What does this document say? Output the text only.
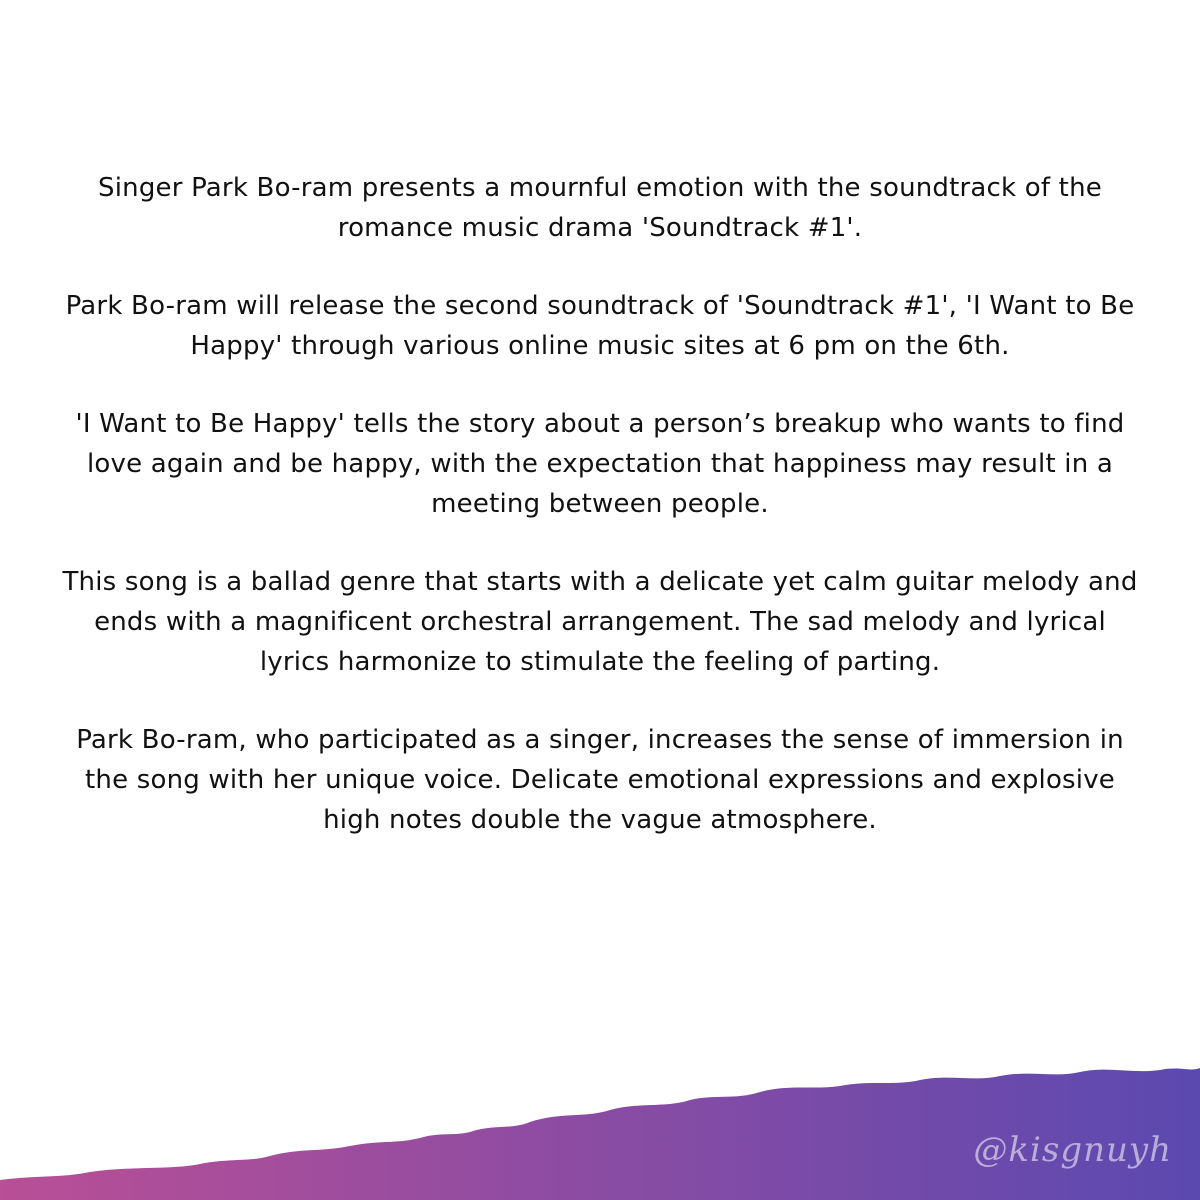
Singer Park Bo-ram presents a mournful emotion with the soundtrack of the romance music drama 'Soundtrack #1'.

Park Bo-ram will release the second soundtrack of 'Soundtrack #1', 'I Want to Be Happy' through various online music sites at 6 pm on the 6th.

'I Want to Be Happy' tells the story about a person’s breakup who wants to find love again and be happy, with the expectation that happiness may result in a meeting between people.

This song is a ballad genre that starts with a delicate yet calm guitar melody and ends with a magnificent orchestral arrangement. The sad melody and lyrical lyrics harmonize to stimulate the feeling of parting.

Park Bo-ram, who participated as a singer, increases the sense of immersion in the song with her unique voice. Delicate emotional expressions and explosive high notes double the vague atmosphere.

@kisgnuyh
